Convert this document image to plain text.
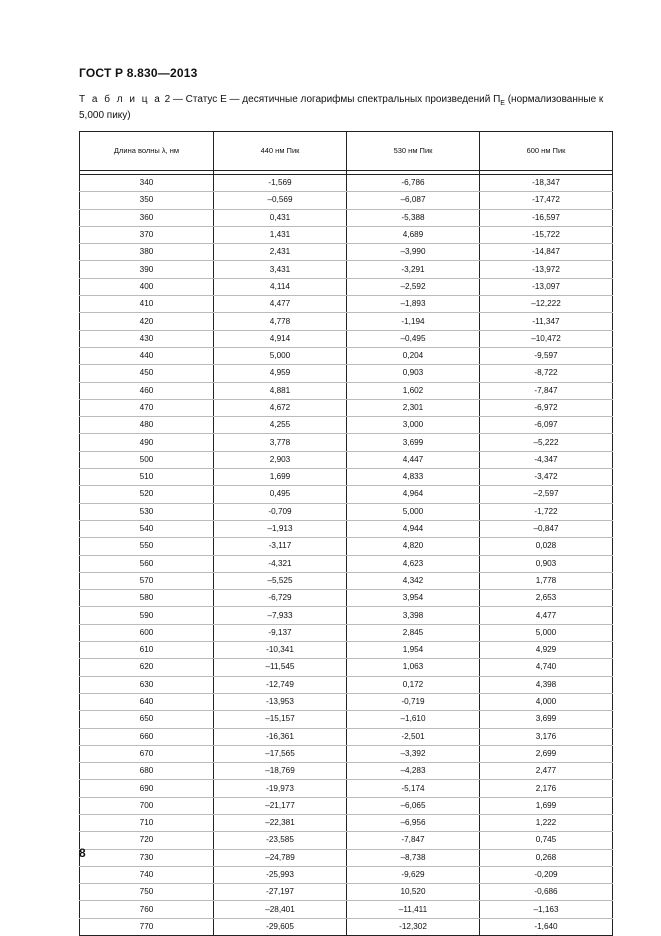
ГОСТ Р 8.830—2013
Т а б л и ц а 2 — Статус E — десятичные логарифмы спектральных произведений $П_E$ (нормализованные к 5,000 пику)
Длина волны λ, нм	440 нм Пик	530 нм Пик	600 нм Пик

340	-1,569	-6,786	-18,347
350	–0,569	–6,087	-17,472
360	0,431	-5,388	-16,597
370	1,431	4,689	-15,722
380	2,431	–3,990	-14,847
390	3,431	-3,291	-13,972
400	4,114	–2,592	-13,097
410	4,477	–1,893	–12,222
420	4,778	-1,194	-11,347
430	4,914	–0,495	–10,472
440	5,000	0,204	-9,597
450	4,959	0,903	-8,722
460	4,881	1,602	-7,847
470	4,672	2,301	-6,972
480	4,255	3,000	-6,097
490	3,778	3,699	–5,222
500	2,903	4,447	-4,347
510	1,699	4,833	-3,472
520	0,495	4,964	–2,597
530	-0,709	5,000	-1,722
540	–1,913	4,944	–0,847
550	-3,117	4,820	0,028
560	-4,321	4,623	0,903
570	–5,525	4,342	1,778
580	-6,729	3,954	2,653
590	–7,933	3,398	4,477
600	-9,137	2,845	5,000
610	-10,341	1,954	4,929
620	–11,545	1,063	4,740
630	-12,749	0,172	4,398
640	-13,953	-0,719	4,000
650	–15,157	–1,610	3,699
660	-16,361	-2,501	3,176
670	–17,565	–3,392	2,699
680	–18,769	–4,283	2,477
690	-19,973	-5,174	2,176
700	–21,177	–6,065	1,699
710	–22,381	–6,956	1,222
720	-23,585	-7,847	0,745
730	–24,789	–8,738	0,268
740	-25,993	-9,629	-0,209
750	-27,197	10,520	-0,686
760	–28,401	–11,411	–1,163
770	-29,605	-12,302	-1,640
8
